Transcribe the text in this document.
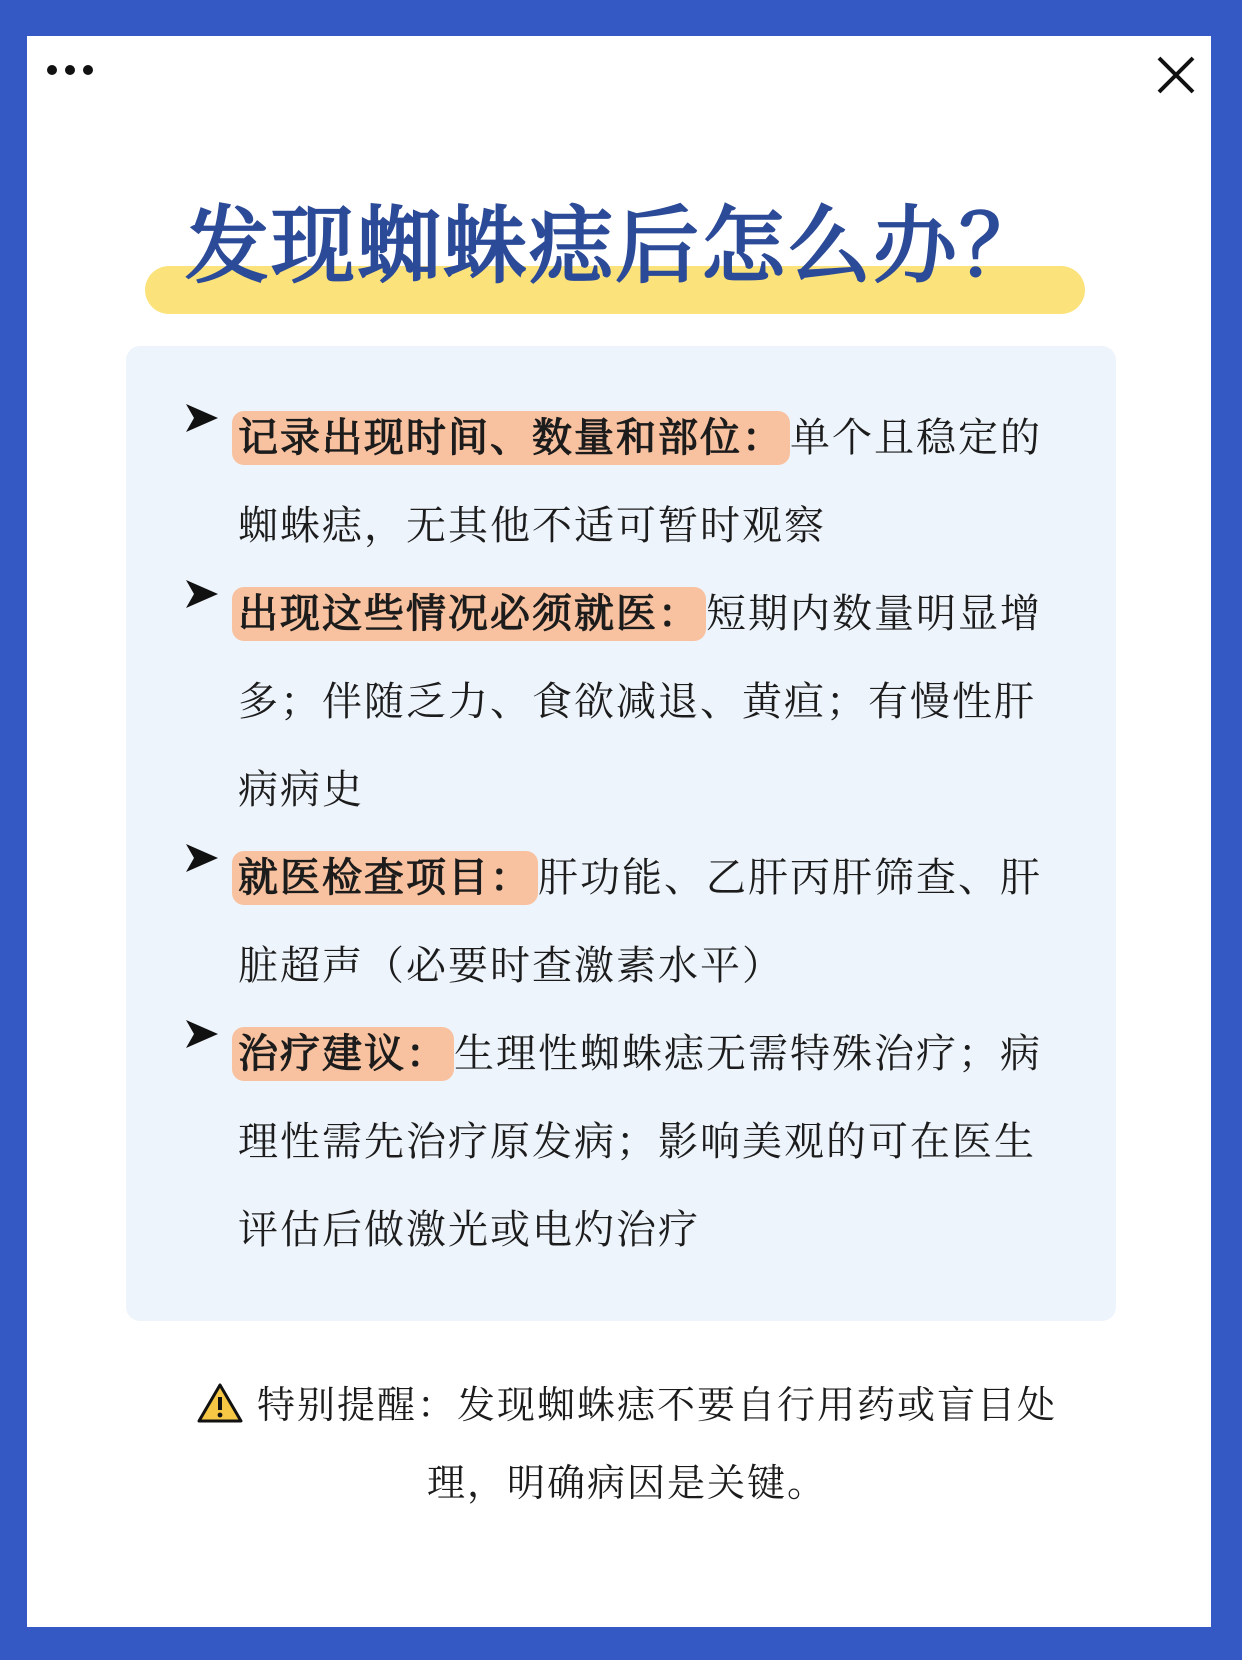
发现蜘蛛痣后怎么办？
记录出现时间、数量和部位： 单个且稳定的蜘蛛痣，无其他不适可暂时观察
出现这些情况必须就医： 短期内数量明显增多；伴随乏力、食欲减退、黄疸；有慢性肝病病史
就医检查项目： 肝功能、乙肝丙肝筛查、肝脏超声（必要时查激素水平）
治疗建议： 生理性蜘蛛痣无需特殊治疗；病理性需先治疗原发病；影响美观的可在医生评估后做激光或电灼治疗
特别提醒：发现蜘蛛痣不要自行用药或盲目处理，明确病因是关键。
